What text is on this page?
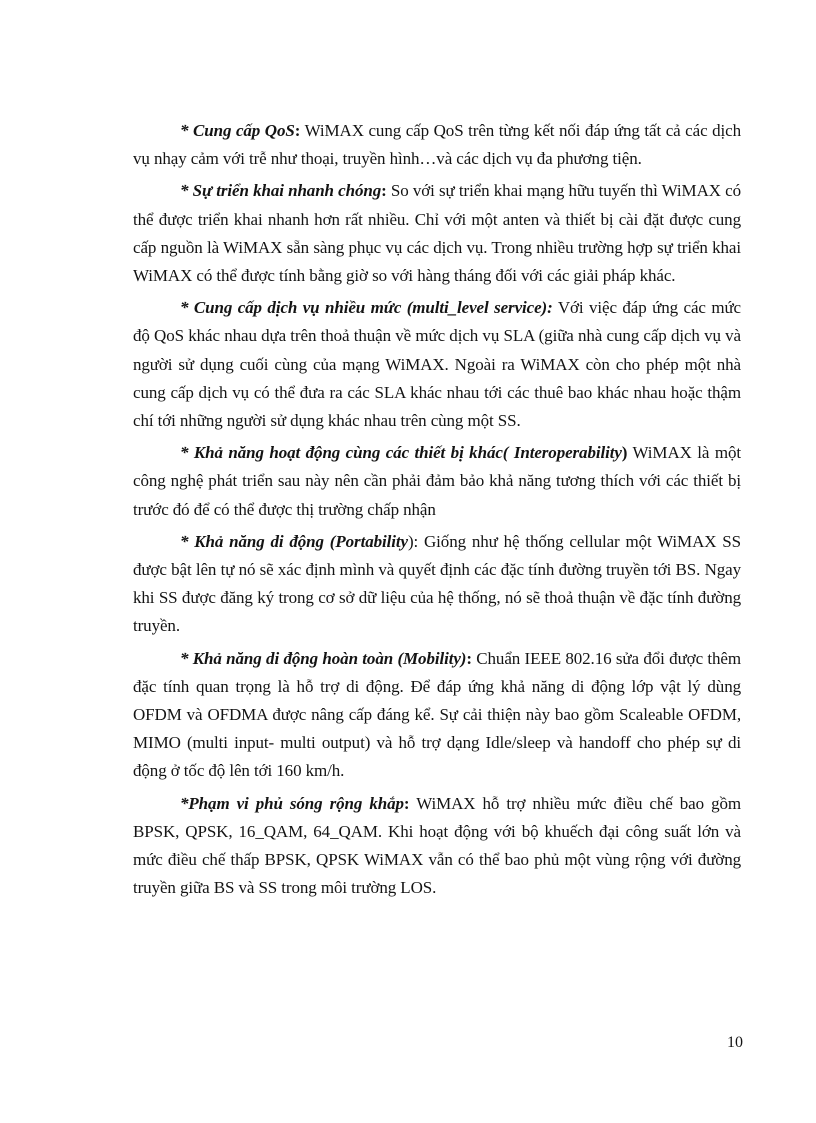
* Cung cấp QoS: WiMAX cung cấp QoS trên từng kết nối đáp ứng tất cả các dịch vụ nhạy cảm với trễ như thoại, truyền hình…và các dịch vụ đa phương tiện.

* Sự triển khai nhanh chóng: So với sự triển khai mạng hữu tuyến thì WiMAX có thể được triển khai nhanh hơn rất nhiều. Chỉ với một anten và thiết bị cài đặt được cung cấp nguồn là WiMAX sẵn sàng phục vụ các dịch vụ. Trong nhiều trường hợp sự triển khai WiMAX có thể được tính bằng giờ so với hàng tháng đối với các giải pháp khác.

* Cung cấp dịch vụ nhiều mức (multi_level service): Với việc đáp ứng các mức độ QoS khác nhau dựa trên thoả thuận về mức dịch vụ SLA (giữa nhà cung cấp dịch vụ và người sử dụng cuối cùng của mạng WiMAX. Ngoài ra WiMAX còn cho phép một nhà cung cấp dịch vụ có thể đưa ra các SLA khác nhau tới các thuê bao khác nhau hoặc thậm chí tới những người sử dụng khác nhau trên cùng một SS.

* Khả năng hoạt động cùng các thiết bị khác( Interoperability) WiMAX là một công nghệ phát triển sau này nên cần phải đảm bảo khả năng tương thích với các thiết bị trước đó để có thể được thị trường chấp nhận

* Khả năng di động (Portability): Giống như hệ thống cellular một WiMAX SS được bật lên tự nó sẽ xác định mình và quyết định các đặc tính đường truyền tới BS. Ngay khi SS được đăng ký trong cơ sở dữ liệu của hệ thống, nó sẽ thoả thuận về đặc tính đường truyền.

* Khả năng di động hoàn toàn (Mobility): Chuẩn IEEE 802.16 sửa đổi được thêm đặc tính quan trọng là hỗ trợ di động. Để đáp ứng khả năng di động lớp vật lý dùng OFDM và OFDMA được nâng cấp đáng kể. Sự cải thiện này bao gồm Scaleable OFDM, MIMO (multi input- multi output) và hỗ trợ dạng Idle/sleep và handoff cho phép sự di động ở tốc độ lên tới 160 km/h.

*Phạm vi phủ sóng rộng khắp: WiMAX hỗ trợ nhiều mức điều chế bao gồm BPSK, QPSK, 16_QAM, 64_QAM. Khi hoạt động với bộ khuếch đại công suất lớn và mức điều chế thấp BPSK, QPSK WiMAX vẫn có thể bao phủ một vùng rộng với đường truyền giữa BS và SS trong môi trường LOS.

10
